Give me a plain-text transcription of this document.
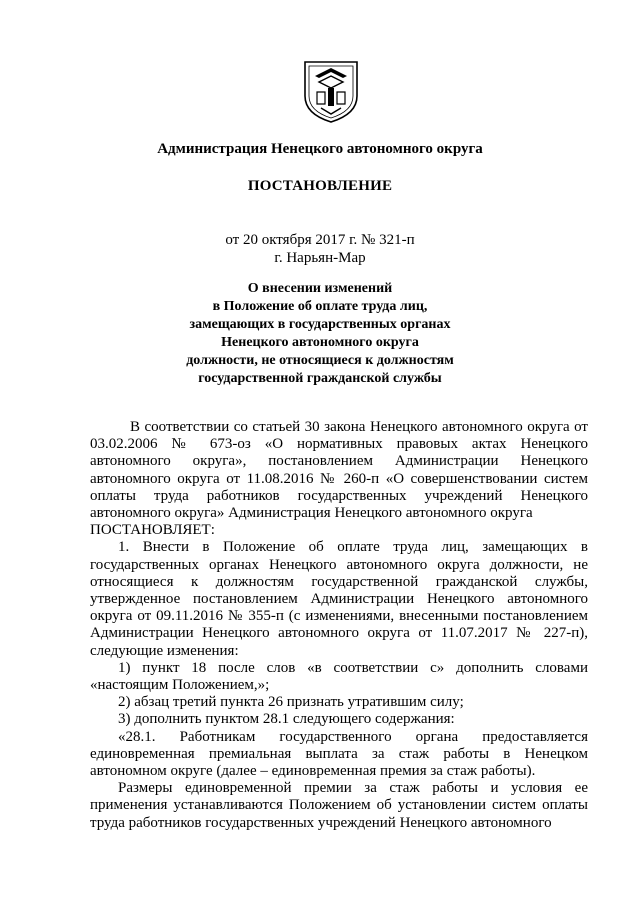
Администрация Ненецкого автономного округа
ПОСТАНОВЛЕНИЕ
от 20 октября 2017 г. № 321-п
г. Нарьян-Мар
О внесении изменений
в Положение об оплате труда лиц,
замещающих в государственных органах
Ненецкого автономного округа
должности, не относящиеся к должностям
государственной гражданской службы

В соответствии со статьей 30 закона Ненецкого автономного округа от 03.02.2006 № 673-оз «О нормативных правовых актах Ненецкого автономного округа», постановлением Администрации Ненецкого автономного округа от 11.08.2016 № 260-п «О совершенствовании систем оплаты труда работников государственных учреждений Ненецкого автономного округа» Администрация Ненецкого автономного округа

ПОСТАНОВЛЯЕТ:

1. Внести в Положение об оплате труда лиц, замещающих в государственных органах Ненецкого автономного округа должности, не относящиеся к должностям государственной гражданской службы, утвержденное постановлением Администрации Ненецкого автономного округа от 09.11.2016 № 355-п (с изменениями, внесенными постановлением Администрации Ненецкого автономного округа от 11.07.2017 № 227-п), следующие изменения:

1) пункт 18 после слов «в соответствии с» дополнить словами «настоящим Положением,»;

2) абзац третий пункта 26 признать утратившим силу;

3) дополнить пунктом 28.1 следующего содержания:

«28.1. Работникам государственного органа предоставляется единовременная премиальная выплата за стаж работы в Ненецком автономном округе (далее – единовременная премия за стаж работы).

Размеры единовременной премии за стаж работы и условия ее применения устанавливаются Положением об установлении систем оплаты труда работников государственных учреждений Ненецкого автономного
